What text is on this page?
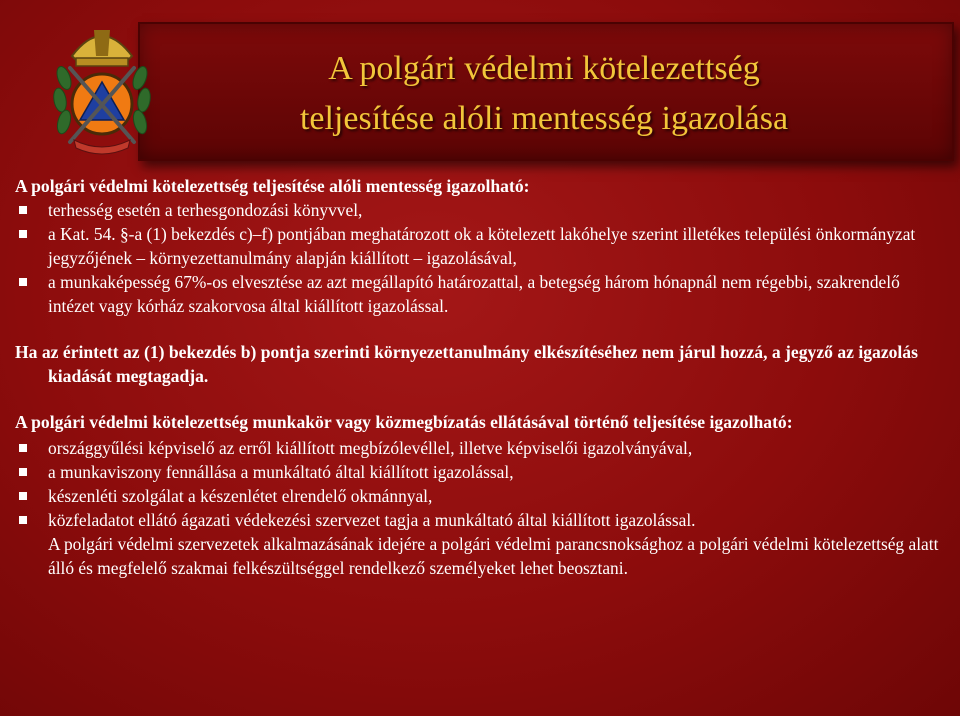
A polgári védelmi kötelezettség
teljesítése alóli mentesség igazolása

A polgári védelmi kötelezettség teljesítése alóli mentesség igazolható:

terhesség esetén a terhesgondozási könyvvel,
a Kat. 54. §-a (1) bekezdés c)–f) pontjában meghatározott ok a kötelezett lakóhelye szerint illetékes települési önkormányzat jegyzőjének – környezettanulmány alapján kiállított – igazolásával,
a munkaképesség 67%-os elvesztése az azt megállapító határozattal, a betegség három hónapnál nem régebbi, szakrendelő intézet vagy kórház szakorvosa által kiállított igazolással.

Ha az érintett az (1) bekezdés b) pontja szerinti környezettanulmány elkészítéséhez nem járul hozzá, a jegyző az igazolás kiadását megtagadja.

A polgári védelmi kötelezettség munkakör vagy közmegbízatás ellátásával történő teljesítése igazolható:

országgyűlési képviselő az erről kiállított megbízólevéllel, illetve képviselői igazolványával,
a munkaviszony fennállása a munkáltató által kiállított igazolással,
készenléti szolgálat a készenlétet elrendelő okmánnyal,
közfeladatot ellátó ágazati védekezési szervezet tagja a munkáltató által kiállított igazolással.

A polgári védelmi szervezetek alkalmazásának idejére a polgári védelmi parancsnoksághoz a polgári védelmi kötelezettség alatt álló és megfelelő szakmai felkészültséggel rendelkező személyeket lehet beosztani.
